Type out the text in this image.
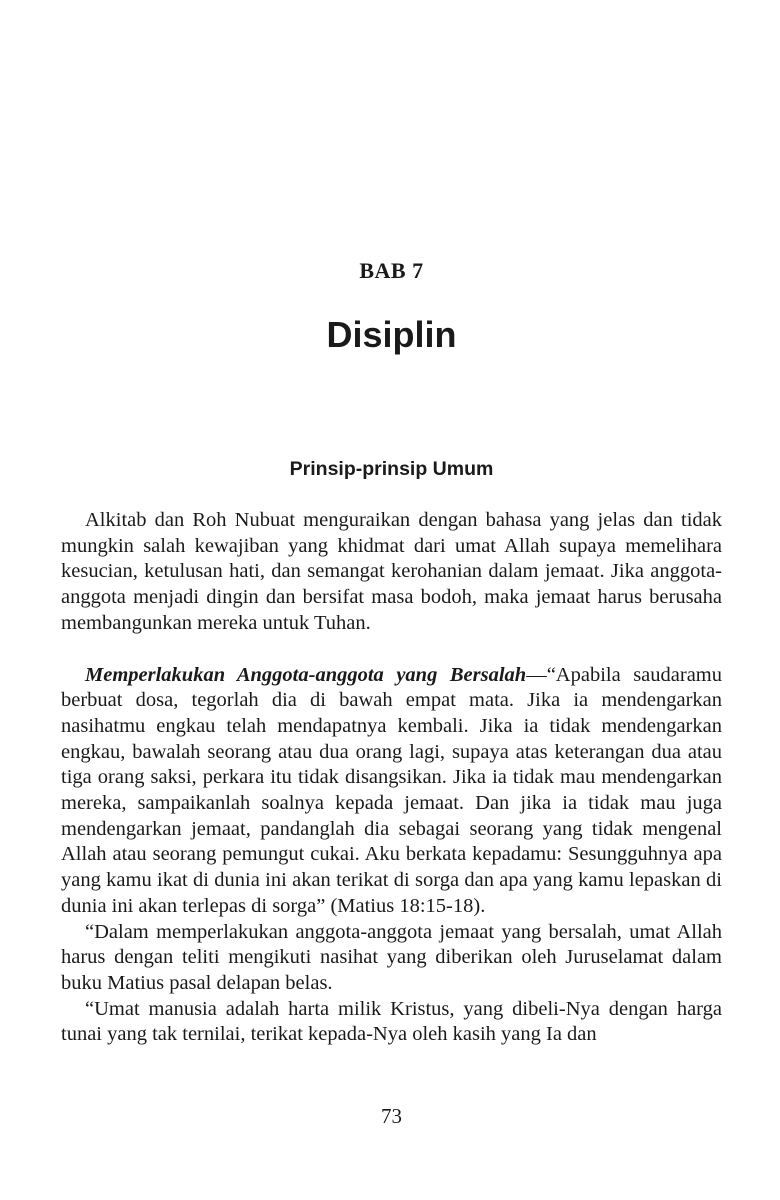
BAB 7
Disiplin
Prinsip-prinsip Umum

Alkitab dan Roh Nubuat menguraikan dengan bahasa yang jelas dan tidak mungkin salah kewajiban yang khidmat dari umat Allah supaya memelihara kesucian, ketulusan hati, dan semangat kerohanian dalam jemaat. Jika anggota-anggota menjadi dingin dan bersifat masa bodoh, maka jemaat harus berusaha membangunkan mereka untuk Tuhan.

Memperlakukan Anggota-anggota yang Bersalah—“Apabila saudaramu berbuat dosa, tegorlah dia di bawah empat mata. Jika ia mendengarkan nasihatmu engkau telah mendapatnya kembali. Jika ia tidak mendengarkan engkau, bawalah seorang atau dua orang lagi, supaya atas keterangan dua atau tiga orang saksi, perkara itu tidak disangsikan. Jika ia tidak mau mendengarkan mereka, sampaikanlah soalnya kepada jemaat. Dan jika ia tidak mau juga mendengarkan jemaat, pandanglah dia sebagai seorang yang tidak mengenal Allah atau seorang pemungut cukai. Aku berkata kepadamu: Sesungguhnya apa yang kamu ikat di dunia ini akan terikat di sorga dan apa yang kamu lepaskan di dunia ini akan terlepas di sorga” (Matius 18:15-18).

“Dalam memperlakukan anggota-anggota jemaat yang bersalah, umat Allah harus dengan teliti mengikuti nasihat yang diberikan oleh Juruselamat dalam buku Matius pasal delapan belas.

“Umat manusia adalah harta milik Kristus, yang dibeli-Nya dengan harga tunai yang tak ternilai, terikat kepada-Nya oleh kasih yang Ia dan

73
